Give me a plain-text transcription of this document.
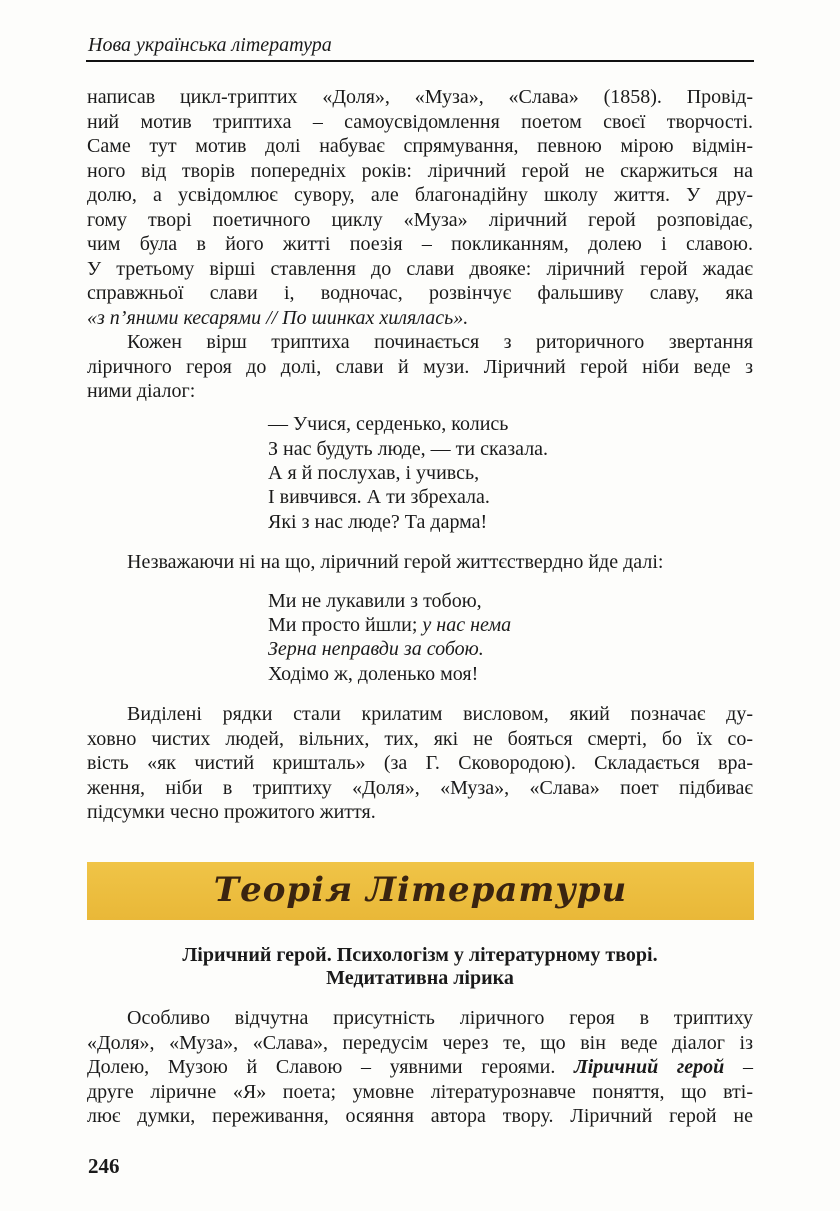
Нова українська література
написав цикл-триптих «Доля», «Муза», «Слава» (1858). Провід-
ний мотив триптиха – самоусвідомлення поетом своєї творчості.
Саме тут мотив долі набуває спрямування, певною мірою відмін-
ного від творів попередніх років: ліричний герой не скаржиться на
долю, а усвідомлює сувору, але благонадійну школу життя. У дру-
гому творі поетичного циклу «Муза» ліричний герой розповідає,
чим була в його житті поезія – покликанням, долею і славою.
У третьому вірші ставлення до слави двояке: ліричний герой жадає
справжньої слави і, водночас, розвінчує фальшиву славу, яка
«з п’яними кесарями // По шинках хилялась».
Кожен вірш триптиха починається з риторичного звертання
ліричного героя до долі, слави й музи. Ліричний герой ніби веде з
ними діалог:
— Учися, серденько, колись
З нас будуть люде, — ти сказала.
А я й послухав, і учивсь,
І вивчився. А ти збрехала.
Які з нас люде? Та дарма!
Незважаючи ні на що, ліричний герой життєствердно йде далі:
Ми не лукавили з тобою,
Ми просто йшли; у нас нема
Зерна неправди за собою.
Ходімо ж, доленько моя!
Виділені рядки стали крилатим висловом, який позначає ду-
ховно чистих людей, вільних, тих, які не бояться смерті, бо їх со-
вість «як чистий кришталь» (за Г. Сковородою). Складається вра-
ження, ніби в триптиху «Доля», «Муза», «Слава» поет підбиває
підсумки чесно прожитого життя.
Теорія Літератури
Ліричний герой. Психологізм у літературному творі.
Медитативна лірика
Особливо відчутна присутність ліричного героя в триптиху
«Доля», «Муза», «Слава», передусім через те, що він веде діалог із
Долею, Музою й Славою – уявними героями. Ліричний герой –
друге ліричне «Я» поета; умовне літературознавче поняття, що вті-
лює думки, переживання, осяяння автора твору. Ліричний герой не
246
